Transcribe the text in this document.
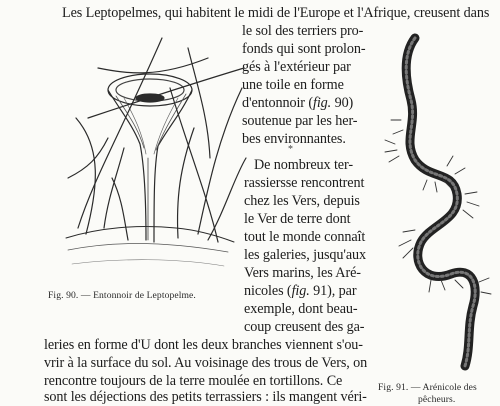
Fig. 90. — Entonnoir de Leptopelme.
Fig. 91. — Arénicole des
pêcheurs.
Les Leptopelmes, qui habitent le midi de l'Europe et l'Afrique, creusent dans
le sol des terriers pro-
fonds qui sont prolon-
gés à l'extérieur par
une toile en forme
d'entonnoir (fig. 90)
soutenue par les her-
bes environnantes.
*
De nombreux ter-
rassiersse rencontrent
chez les Vers, depuis
le Ver de terre dont
tout le monde connaît
les galeries, jusqu'aux
Vers marins, les Aré-
nicoles (fig. 91), par
exemple, dont beau-
coup creusent des ga-
leries en forme d'U dont les deux branches viennent s'ou-
vrir à la surface du sol. Au voisinage des trous de Vers, on
rencontre toujours de la terre moulée en tortillons. Ce
sont les déjections des petits terrassiers : ils mangent véri-
